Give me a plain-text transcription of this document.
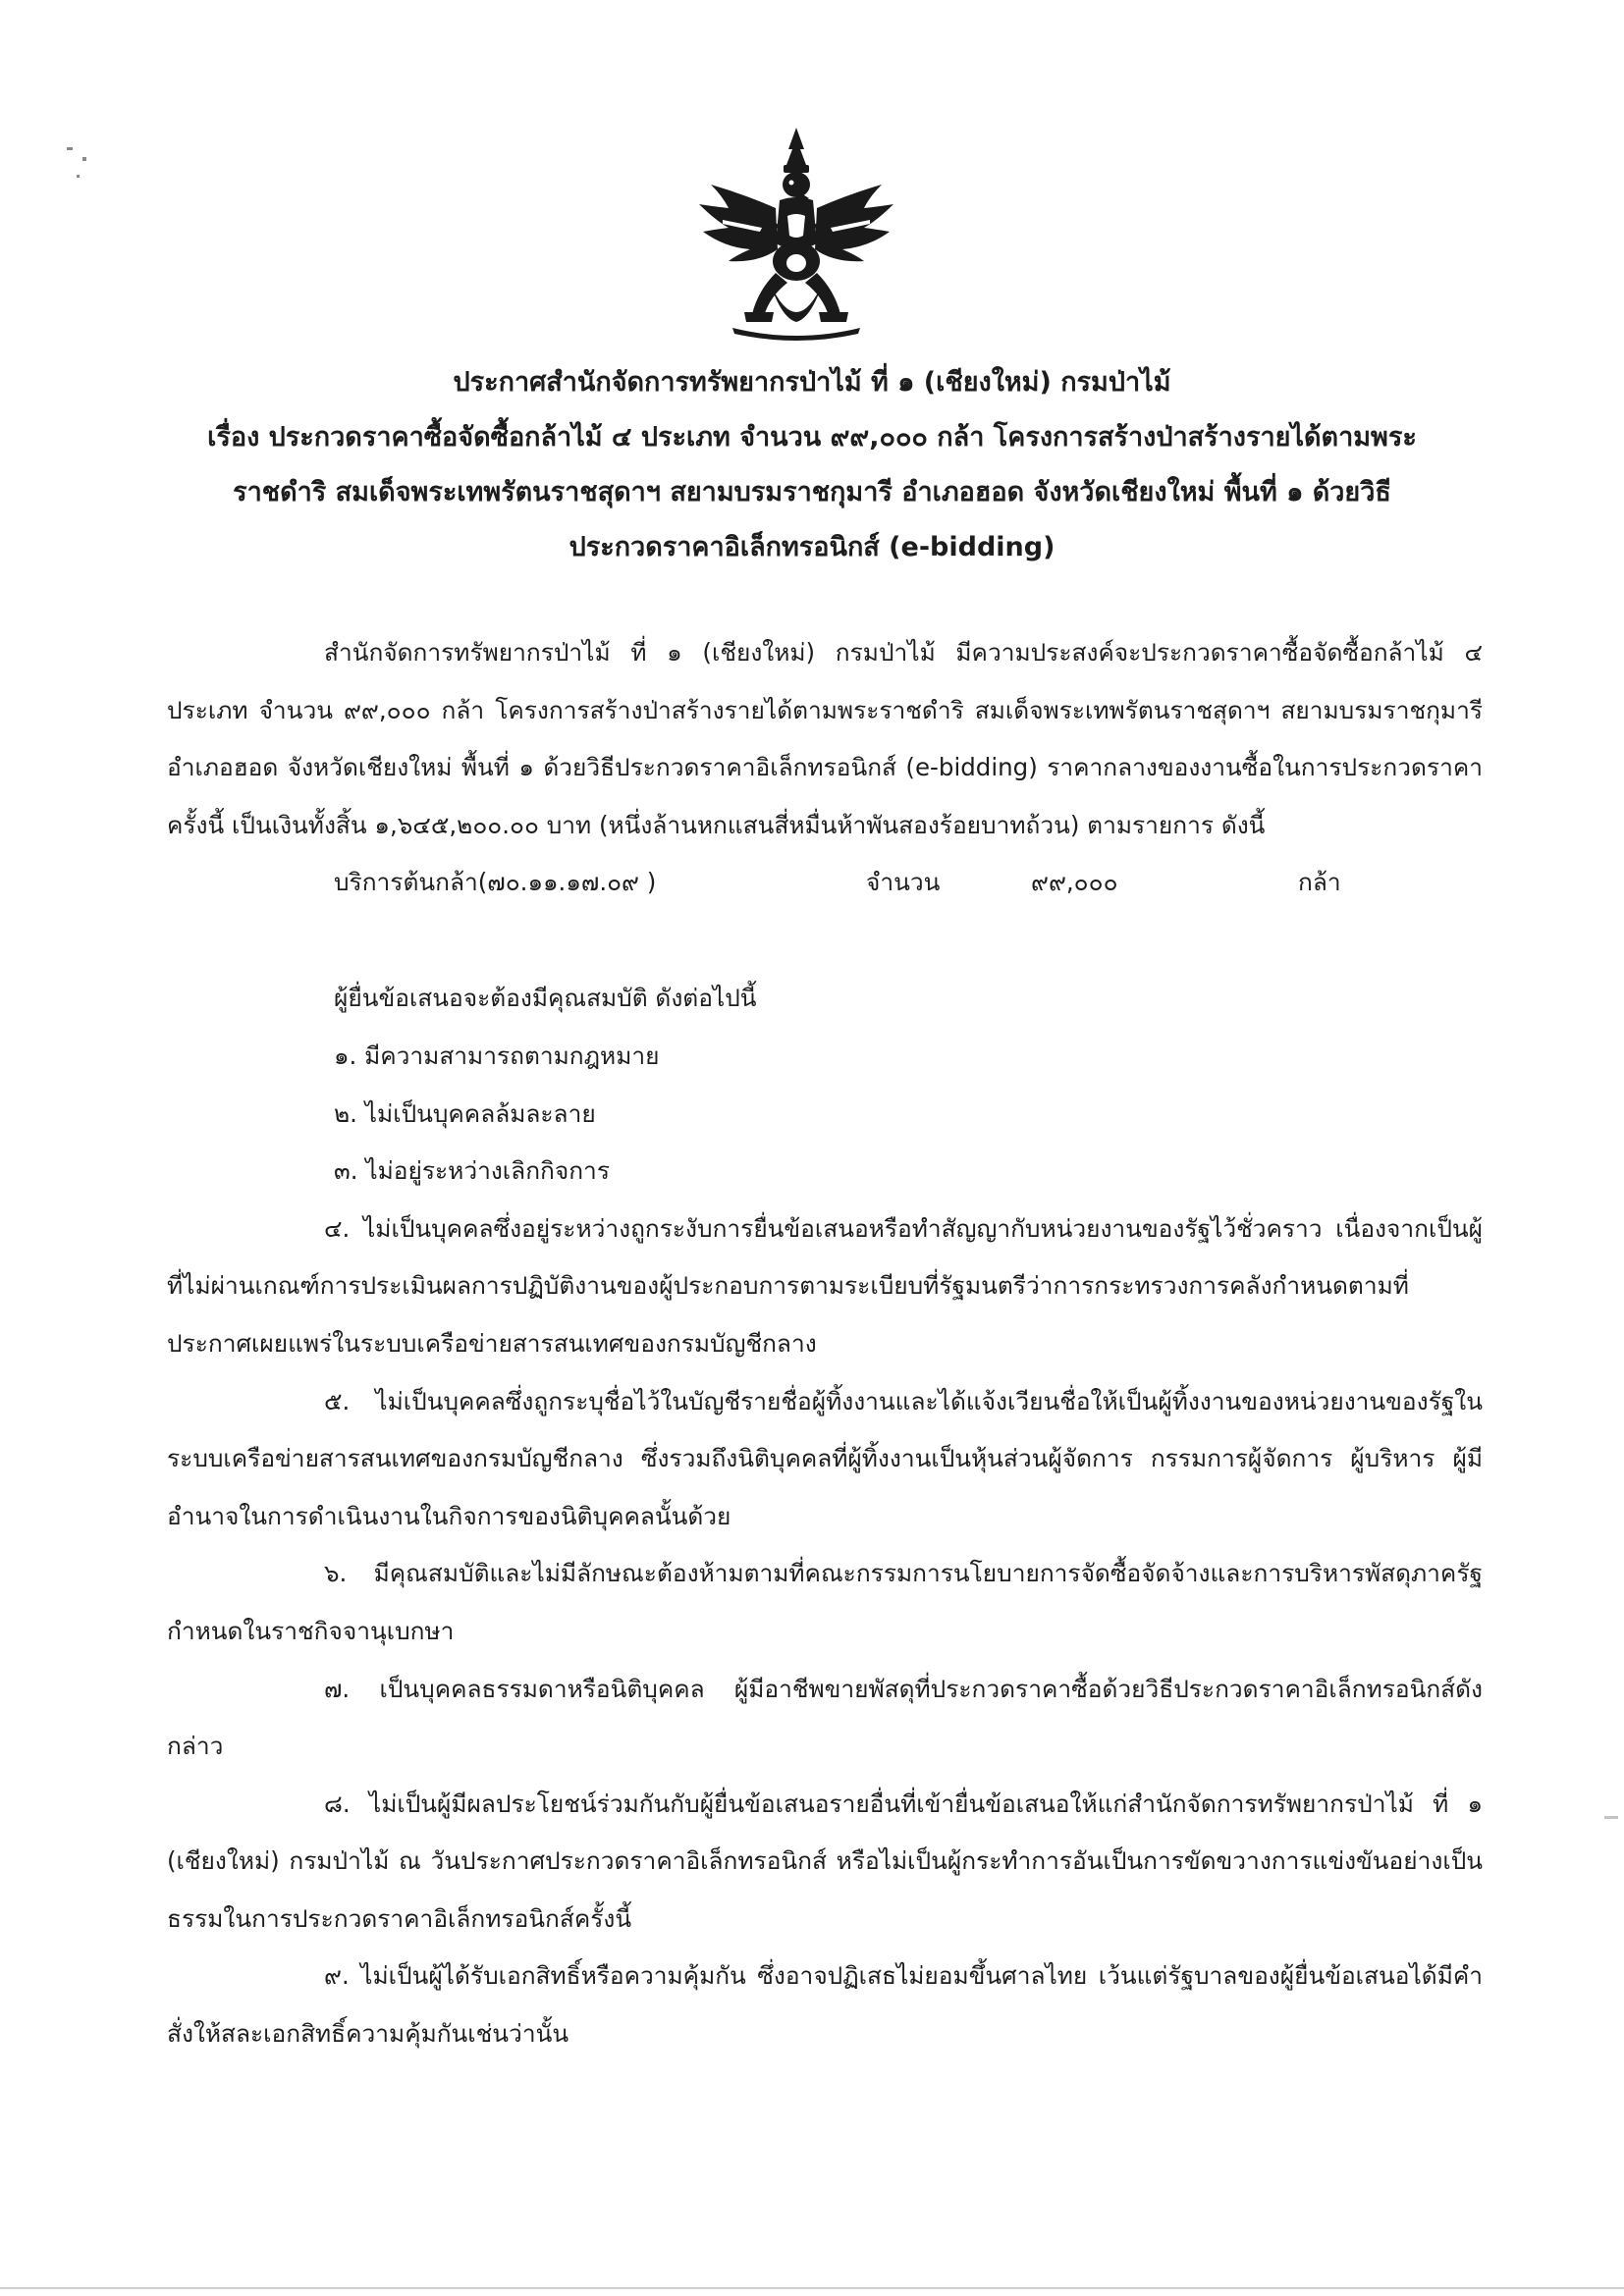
ประกาศสำนักจัดการทรัพยากรป่าไม้ ที่ ๑ (เชียงใหม่) กรมป่าไม้
เรื่อง ประกวดราคาซื้อจัดซื้อกล้าไม้ ๔ ประเภท จำนวน ๙๙,๐๐๐ กล้า โครงการสร้างป่าสร้างรายได้ตามพระ
ราชดำริ สมเด็จพระเทพรัตนราชสุดาฯ สยามบรมราชกุมารี อำเภอฮอด จังหวัดเชียงใหม่ พื้นที่ ๑ ด้วยวิธี
ประกวดราคาอิเล็กทรอนิกส์ (e-bidding)

สำนักจัดการทรัพยากรป่าไม้ ที่ ๑ (เชียงใหม่) กรมป่าไม้ มีความประสงค์จะประกวดราคาซื้อจัดซื้อกล้าไม้ ๔ ประเภท จำนวน ๙๙,๐๐๐ กล้า โครงการสร้างป่าสร้างรายได้ตามพระราชดำริ สมเด็จพระเทพรัตนราชสุดาฯ สยามบรมราชกุมารี อำเภอฮอด จังหวัดเชียงใหม่ พื้นที่ ๑ ด้วยวิธีประกวดราคาอิเล็กทรอนิกส์ (e-bidding) ราคากลางของงานซื้อในการประกวดราคาครั้งนี้ เป็นเงินทั้งสิ้น ๑,๖๔๕,๒๐๐.๐๐ บาท (หนึ่งล้านหกแสนสี่หมื่นห้าพันสองร้อยบาทถ้วน) ตามรายการ ดังนี้

บริการต้นกล้า(๗๐.๑๑.๑๗.๐๙ )	จำนวน	๙๙,๐๐๐	กล้า

ผู้ยื่นข้อเสนอจะต้องมีคุณสมบัติ ดังต่อไปนี้

๑. มีความสามารถตามกฎหมาย

๒. ไม่เป็นบุคคลล้มละลาย

๓. ไม่อยู่ระหว่างเลิกกิจการ

๔. ไม่เป็นบุคคลซึ่งอยู่ระหว่างถูกระงับการยื่นข้อเสนอหรือทำสัญญากับหน่วยงานของรัฐไว้ชั่วคราว เนื่องจากเป็นผู้ที่ไม่ผ่านเกณฑ์การประเมินผลการปฏิบัติงานของผู้ประกอบการตามระเบียบที่รัฐมนตรีว่าการกระทรวงการคลังกำหนดตามที่ประกาศเผยแพร่ในระบบเครือข่ายสารสนเทศของกรมบัญชีกลาง

๕. ไม่เป็นบุคคลซึ่งถูกระบุชื่อไว้ในบัญชีรายชื่อผู้ทิ้งงานและได้แจ้งเวียนชื่อให้เป็นผู้ทิ้งงานของหน่วยงานของรัฐในระบบเครือข่ายสารสนเทศของกรมบัญชีกลาง ซึ่งรวมถึงนิติบุคคลที่ผู้ทิ้งงานเป็นหุ้นส่วนผู้จัดการ กรรมการผู้จัดการ ผู้บริหาร ผู้มีอำนาจในการดำเนินงานในกิจการของนิติบุคคลนั้นด้วย

๖. มีคุณสมบัติและไม่มีลักษณะต้องห้ามตามที่คณะกรรมการนโยบายการจัดซื้อจัดจ้างและการบริหารพัสดุภาครัฐกำหนดในราชกิจจานุเบกษา

๗. เป็นบุคคลธรรมดาหรือนิติบุคคล ผู้มีอาชีพขายพัสดุที่ประกวดราคาซื้อด้วยวิธีประกวดราคาอิเล็กทรอนิกส์ดังกล่าว

๘. ไม่เป็นผู้มีผลประโยชน์ร่วมกันกับผู้ยื่นข้อเสนอรายอื่นที่เข้ายื่นข้อเสนอให้แก่สำนักจัดการทรัพยากรป่าไม้ ที่ ๑ (เชียงใหม่) กรมป่าไม้ ณ วันประกาศประกวดราคาอิเล็กทรอนิกส์ หรือไม่เป็นผู้กระทำการอันเป็นการขัดขวางการแข่งขันอย่างเป็นธรรมในการประกวดราคาอิเล็กทรอนิกส์ครั้งนี้

๙. ไม่เป็นผู้ได้รับเอกสิทธิ์หรือความคุ้มกัน ซึ่งอาจปฏิเสธไม่ยอมขึ้นศาลไทย เว้นแต่รัฐบาลของผู้ยื่นข้อเสนอได้มีคำสั่งให้สละเอกสิทธิ์ความคุ้มกันเช่นว่านั้น
